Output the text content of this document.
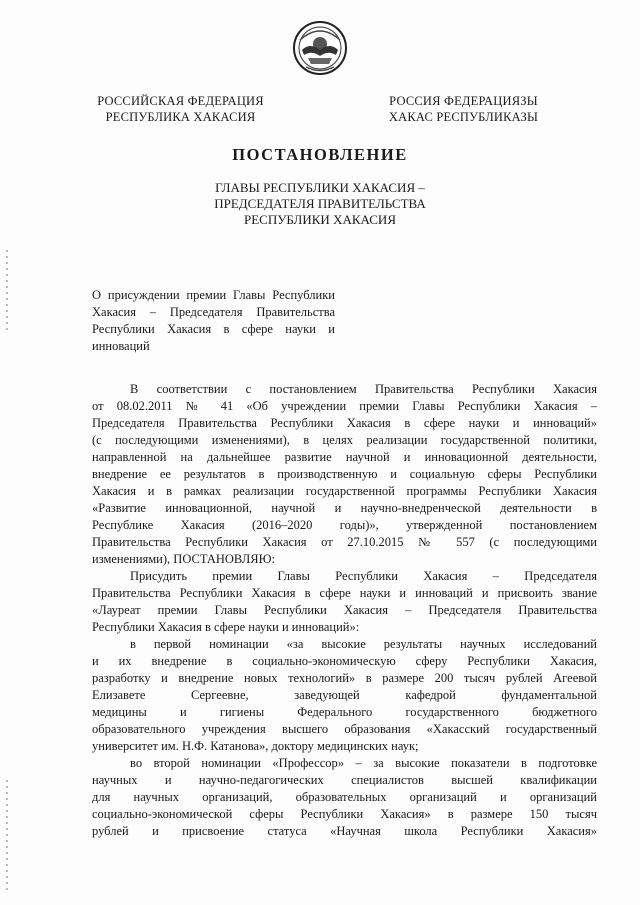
РОССИЙСКАЯ ФЕДЕРАЦИЯ
РЕСПУБЛИКА ХАКАСИЯ
РОССИЯ ФЕДЕРАЦИЯЗЫ
ХАКАС РЕСПУБЛИКАЗЫ
ПОСТАНОВЛЕНИЕ
ГЛАВЫ РЕСПУБЛИКИ ХАКАСИЯ –
ПРЕДСЕДАТЕЛЯ ПРАВИТЕЛЬСТВА
РЕСПУБЛИКИ ХАКАСИЯ
О присуждении премии Главы Республики Хакасия – Председателя Правительства Республики Хакасия в сфере науки и инноваций
В соответствии с постановлением Правительства Республики Хакасия
от 08.02.2011 № 41 «Об учреждении премии Главы Республики Хакасия –
Председателя Правительства Республики Хакасия в сфере науки и инноваций»
(с последующими изменениями), в целях реализации государственной политики,
направленной на дальнейшее развитие научной и инновационной деятельности,
внедрение ее результатов в производственную и социальную сферы Республики
Хакасия и в рамках реализации государственной программы Республики Хакасия
«Развитие инновационной, научной и научно-внедренческой деятельности в
Республике Хакасия (2016–2020 годы)», утвержденной постановлением
Правительства Республики Хакасия от 27.10.2015 № 557 (с последующими
изменениями), ПОСТАНОВЛЯЮ:
Присудить премии Главы Республики Хакасия – Председателя
Правительства Республики Хакасия в сфере науки и инноваций и присвоить звание
«Лауреат премии Главы Республики Хакасия – Председателя Правительства
Республики Хакасия в сфере науки и инноваций»:
в первой номинации «за высокие результаты научных исследований
и их внедрение в социально-экономическую сферу Республики Хакасия,
разработку и внедрение новых технологий» в размере 200 тысяч рублей Агеевой
Елизавете Сергеевне, заведующей кафедрой фундаментальной
медицины и гигиены Федерального государственного бюджетного
образовательного учреждения высшего образования «Хакасский государственный
университет им. Н.Ф. Катанова», доктору медицинских наук;
во второй номинации «Профессор» – за высокие показатели в подготовке
научных и научно-педагогических специалистов высшей квалификации
для научных организаций, образовательных организаций и организаций
социально-экономической сферы Республики Хакасия» в размере 150 тысяч
рублей и присвоение статуса «Научная школа Республики Хакасия»
